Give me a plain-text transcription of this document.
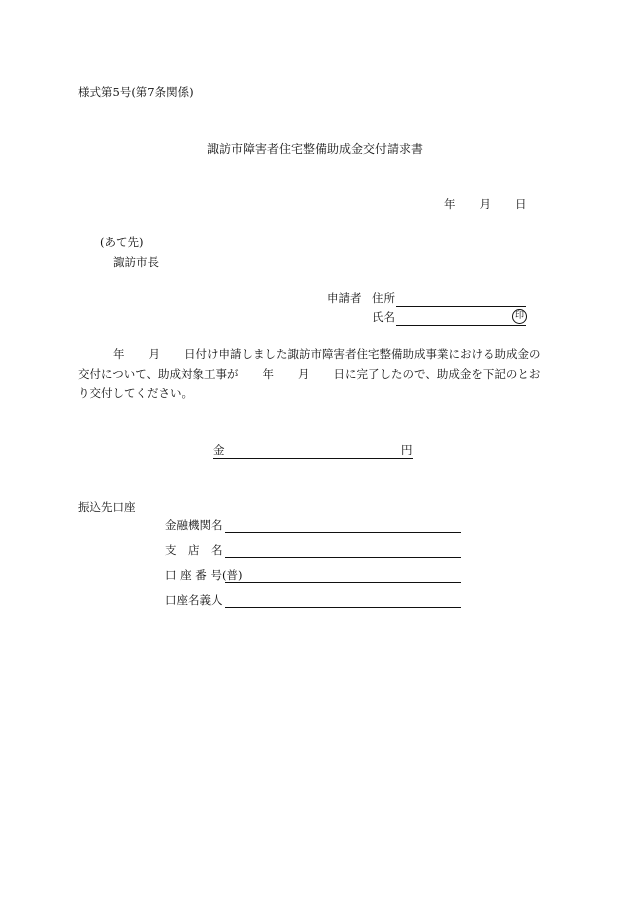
様式第5号(第7条関係)
諏訪市障害者住宅整備助成金交付請求書
年 月 日
(あて先)
諏訪市長
申請者 住所
氏名	印
年 月 日付け申請しました諏訪市障害者住宅整備助成事業における助成金の
交付について、助成対象工事が 年 月 日に完了したので、助成金を下記のとお
り交付してください。
金	円
振込先口座
金融機関名
支　店　名
口 座 番 号(普)
口座名義人
